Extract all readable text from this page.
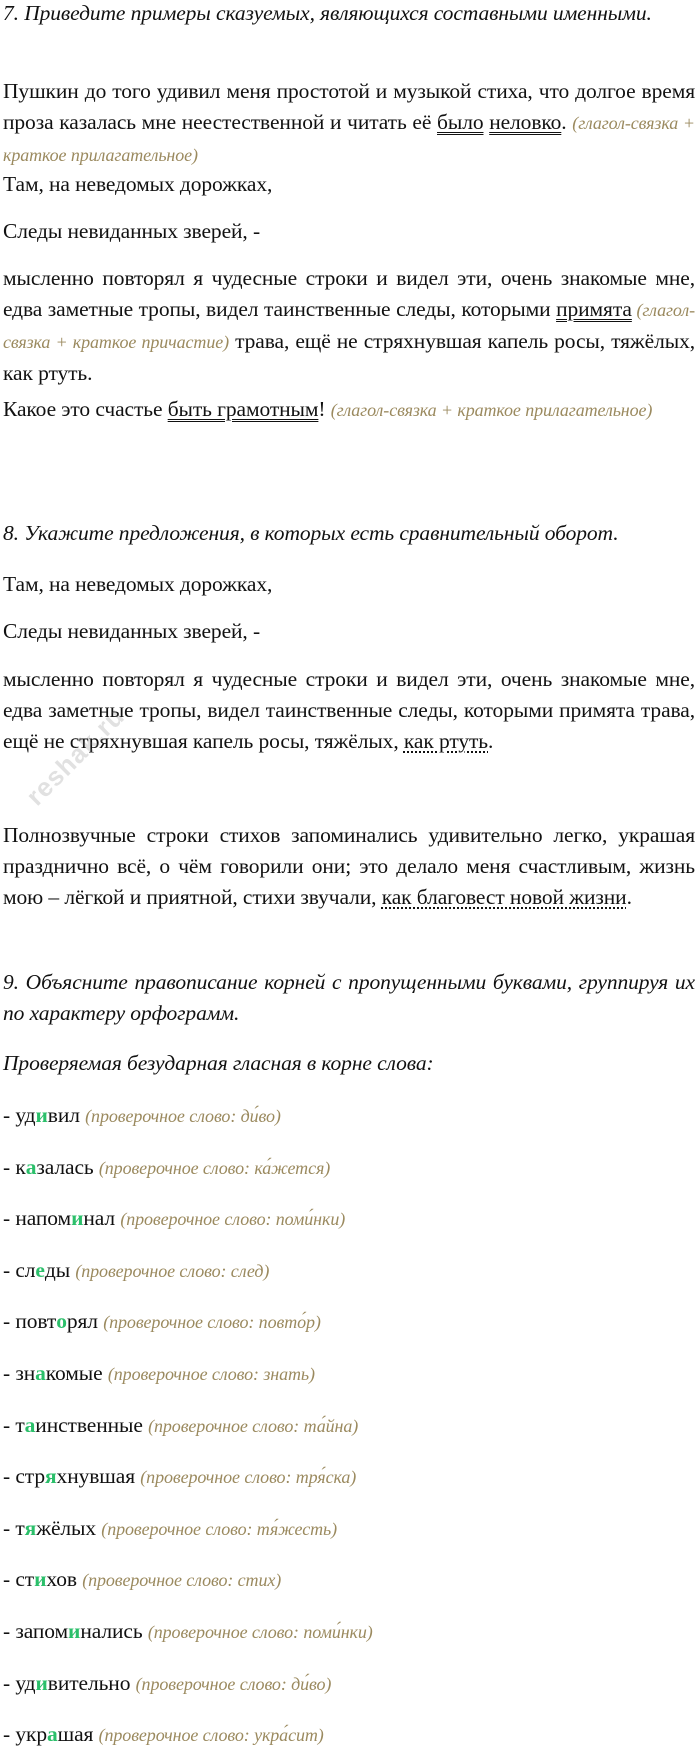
7. Приведите примеры сказуемых, являющихся составными именными.

Пушкин до того удивил меня простотой и музыкой стиха, что долгое время проза казалась мне неестественной и читать её было неловко. (глагол-связка + краткое прилагательное)

Там, на неведомых дорожках,

Следы невиданных зверей, -

мысленно повторял я чудесные строки и видел эти, очень знакомые мне, едва заметные тропы, видел таинственные следы, которыми примята (глагол-связка + краткое причастие) трава, ещё не стряхнувшая капель росы, тяжёлых, как ртуть.

Какое это счастье быть грамотным! (глагол-связка + краткое прилагательное)

8. Укажите предложения, в которых есть сравнительный оборот.

Там, на неведомых дорожках,

Следы невиданных зверей, -

мысленно повторял я чудесные строки и видел эти, очень знакомые мне, едва заметные тропы, видел таинственные следы, которыми примята трава, ещё не стряхнувшая капель росы, тяжёлых, как ртуть.

Полнозвучные строки стихов запоминались удивительно легко, украшая празднично всё, о чём говорили они; это делало меня счастливым, жизнь мою – лёгкой и приятной, стихи звучали, как благовест новой жизни.

9. Объясните правописание корней с пропущенными буквами, группируя их по характеру орфограмм.

Проверяемая безударная гласная в корне слова:

- удивил (проверочное слово: ди́во)

- казалась (проверочное слово: ка́жется)

- напоминал (проверочное слово: поми́нки)

- следы (проверочное слово: след)

- повторял (проверочное слово: повто́р)

- знакомые (проверочное слово: знать)

- таинственные (проверочное слово: та́йна)

- стряхнувшая (проверочное слово: тря́ска)

- тяжёлых (проверочное слово: тя́жесть)

- стихов (проверочное слово: стих)

- запоминались (проверочное слово: поми́нки)

- удивительно (проверочное слово: ди́во)

- украшая (проверочное слово: укра́сит)

reshak.ru
